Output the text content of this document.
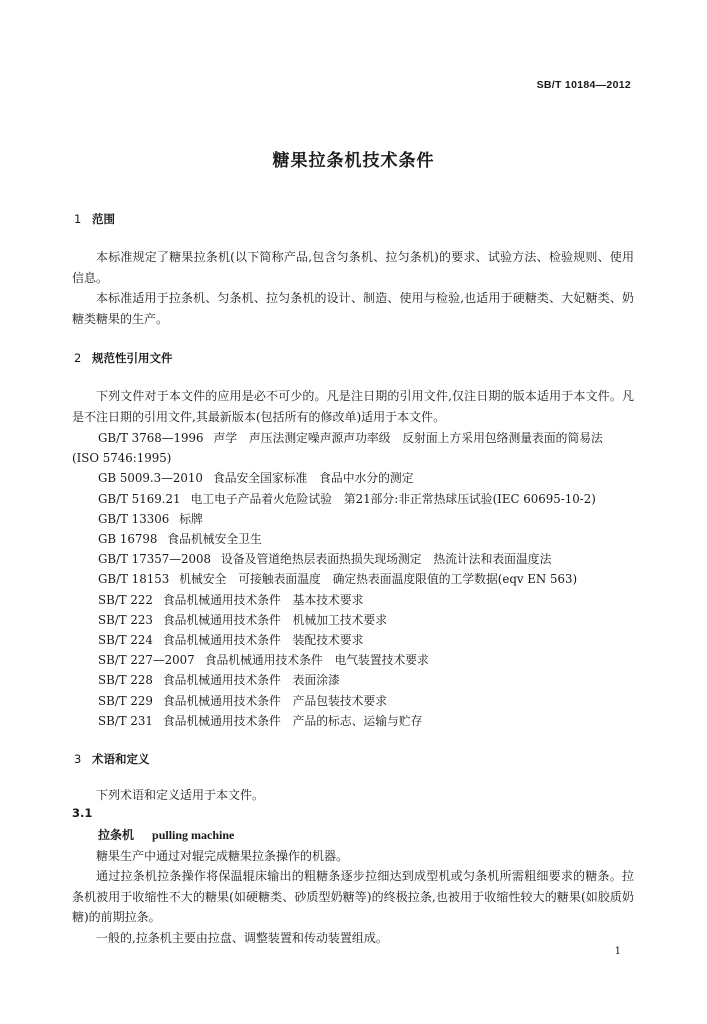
SB/T 10184—2012
糖果拉条机技术条件
1 范围
本标准规定了糖果拉条机(以下简称产品,包含匀条机、拉匀条机)的要求、试验方法、检验规则、使用信息。
本标准适用于拉条机、匀条机、拉匀条机的设计、制造、使用与检验,也适用于硬糖类、大妃糖类、奶糖类糖果的生产。
2 规范性引用文件
下列文件对于本文件的应用是必不可少的。凡是注日期的引用文件,仅注日期的版本适用于本文件。凡是不注日期的引用文件,其最新版本(包括所有的修改单)适用于本文件。
GB/T 3768—1996 声学　声压法测定噪声源声功率级　反射面上方采用包络测量表面的简易法
(ISO 5746:1995)
GB 5009.3—2010 食品安全国家标准　食品中水分的测定
GB/T 5169.21 电工电子产品着火危险试验　第21部分:非正常热球压试验(IEC 60695-10-2)
GB/T 13306 标牌
GB 16798 食品机械安全卫生
GB/T 17357—2008 设备及管道绝热层表面热损失现场测定　热流计法和表面温度法
GB/T 18153 机械安全　可接触表面温度　确定热表面温度限值的工学数据(eqv EN 563)
SB/T 222 食品机械通用技术条件　基本技术要求
SB/T 223 食品机械通用技术条件　机械加工技术要求
SB/T 224 食品机械通用技术条件　装配技术要求
SB/T 227—2007 食品机械通用技术条件　电气装置技术要求
SB/T 228 食品机械通用技术条件　表面涂漆
SB/T 229 食品机械通用技术条件　产品包装技术要求
SB/T 231 食品机械通用技术条件　产品的标志、运输与贮存
3 术语和定义
下列术语和定义适用于本文件。
3.1
拉条机 pulling machine
糖果生产中通过对辊完成糖果拉条操作的机器。
通过拉条机拉条操作将保温辊床输出的粗糖条逐步拉细达到成型机或匀条机所需粗细要求的糖条。拉条机被用于收缩性不大的糖果(如硬糖类、砂质型奶糖等)的终极拉条,也被用于收缩性较大的糖果(如胶质奶糖)的前期拉条。
一般的,拉条机主要由拉盘、调整装置和传动装置组成。
1
